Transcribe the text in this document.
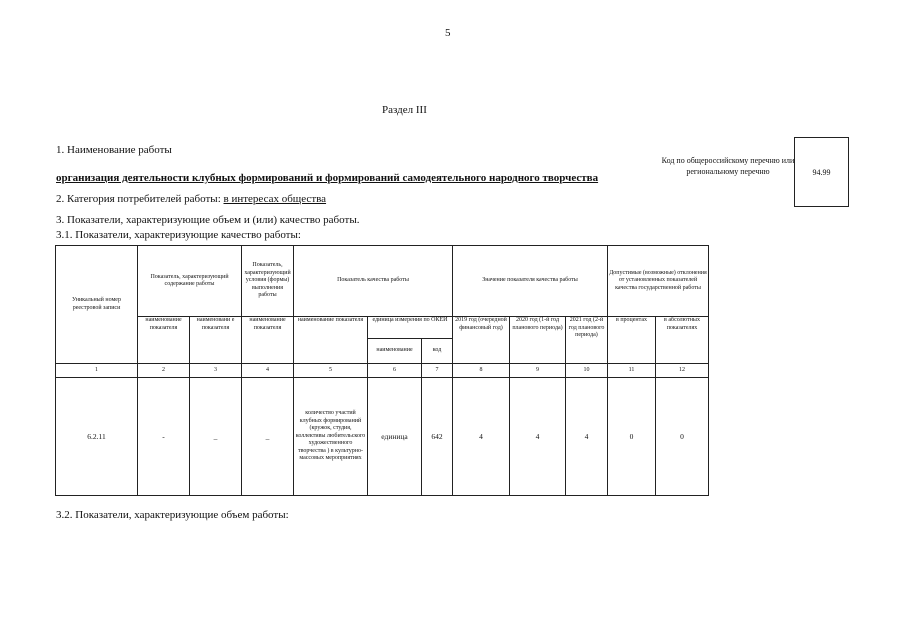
5
Раздел III
1. Наименование работы
организация деятельности клубных формирований и формирований самодеятельного народного творчества
2. Категория потребителей работы: в интересах общества
3. Показатели, характеризующие объем и (или) качество работы.
3.1. Показатели, характеризующие качество работы:
Код по общероссийскому перечню или региональному перечню	94.99
Уникальный номер реестровой записи	Показатель, характеризующий содержание работы		Показатель, характеризующий условия (формы) выполнения работы	Показатель качества работы			Значение показателя качества работы			Допустимые (возможные) отклонения от установленных показателей качества государственной работы	
	наименование показателя	наименовани е показателя	наименование показателя	наименование показателя	единица измерения по ОКЕИ		2019 год (очередной финансовый год)	2020 год (1-й год планового периода)	2021 год (2-й год планового периода)	в процентах	в абсолютных показателях
					наименование	код					
1	2	3	4	5	6	7	8	9	10	11	12
6.2.11	-	_	_	количество участий клубных формирований (кружок, студия, коллективы любительского художественного творчества ) в культурно-массовых мероприятиях	единица	642	4	4	4	0	0
3.2. Показатели, характеризующие объем работы:
